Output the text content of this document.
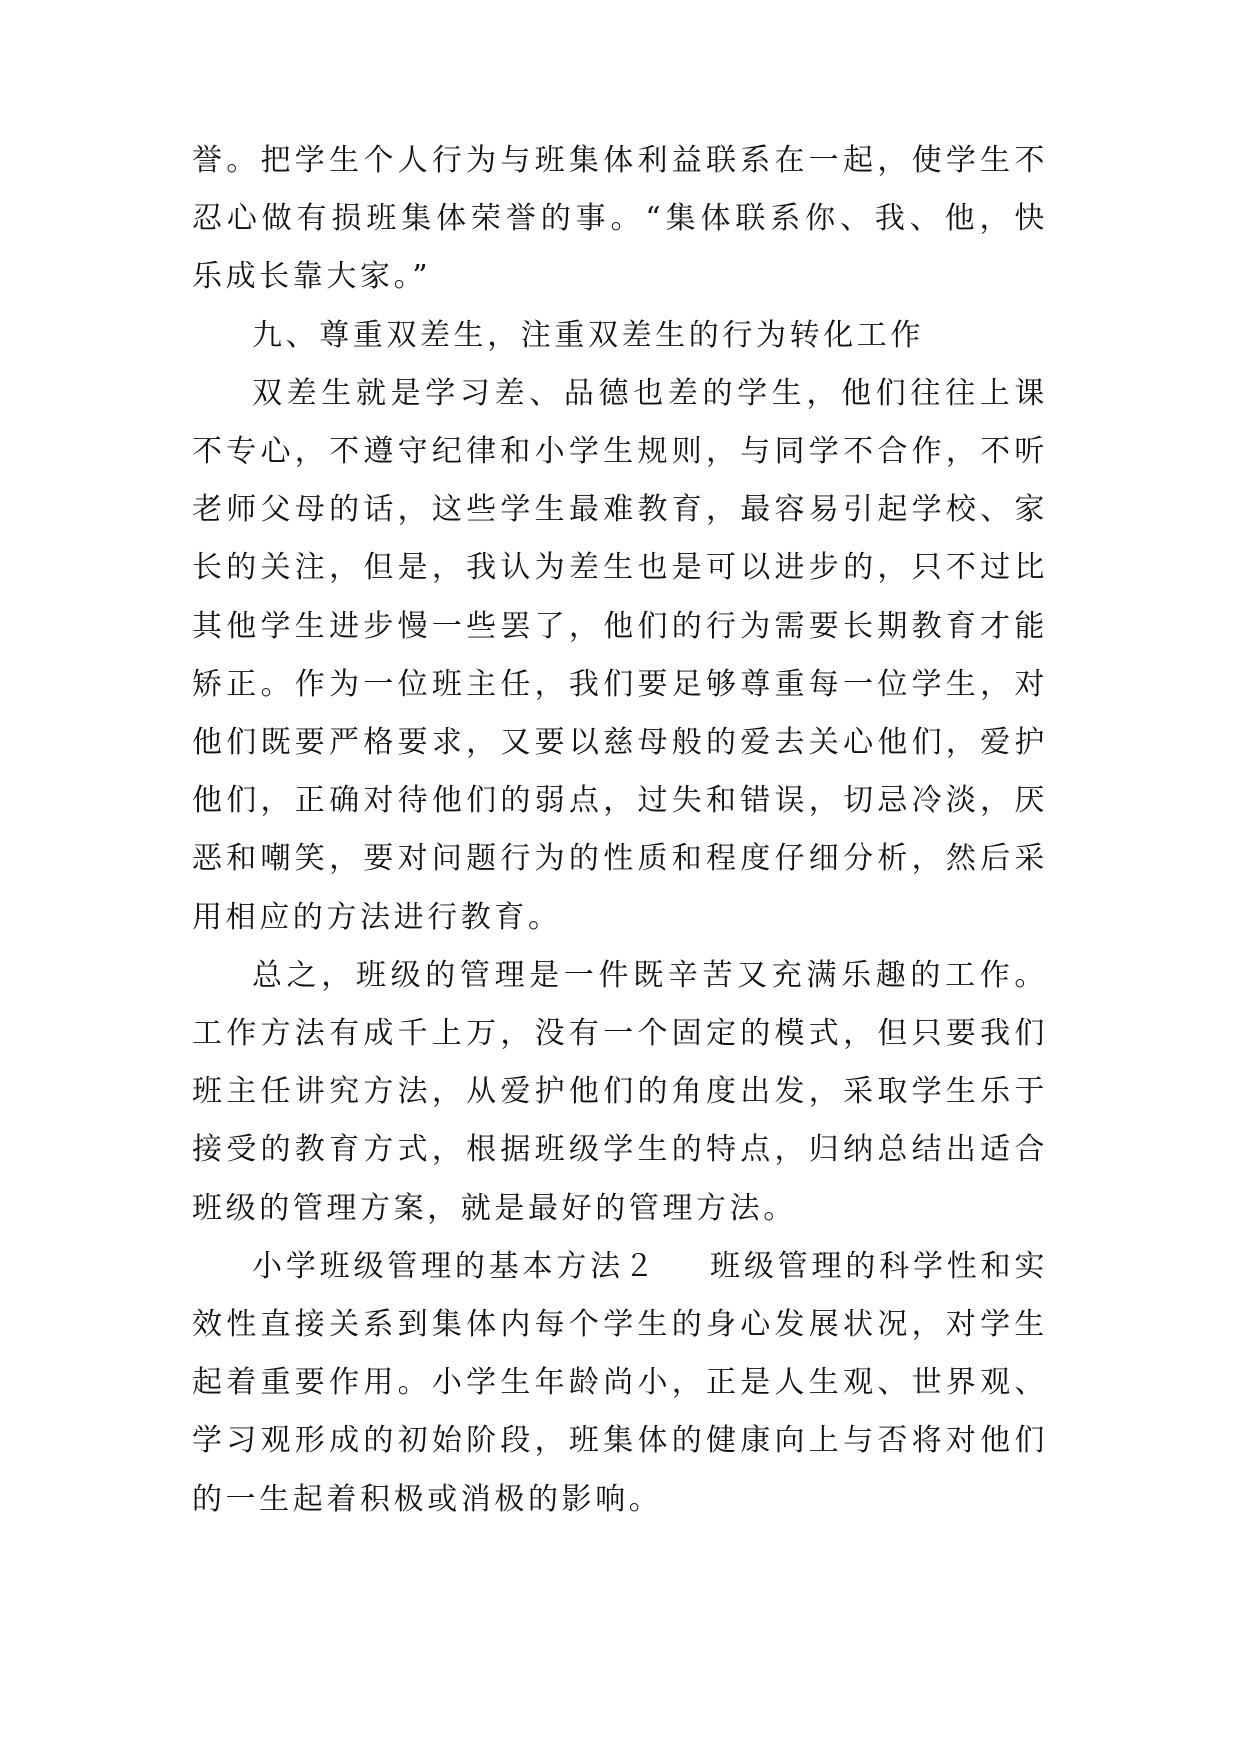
誉。把学生个人行为与班集体利益联系在一起，使学生不忍心做有损班集体荣誉的事。“集体联系你、我、他，快乐成长靠大家。”

九、尊重双差生，注重双差生的行为转化工作

双差生就是学习差、品德也差的学生，他们往往上课不专心，不遵守纪律和小学生规则，与同学不合作，不听老师父母的话，这些学生最难教育，最容易引起学校、家长的关注，但是，我认为差生也是可以进步的，只不过比其他学生进步慢一些罢了，他们的行为需要长期教育才能矫正。作为一位班主任，我们要足够尊重每一位学生，对他们既要严格要求，又要以慈母般的爱去关心他们，爱护他们，正确对待他们的弱点，过失和错误，切忌冷淡，厌恶和嘲笑，要对问题行为的性质和程度仔细分析，然后采用相应的方法进行教育。

总之，班级的管理是一件既辛苦又充满乐趣的工作。工作方法有成千上万，没有一个固定的模式，但只要我们班主任讲究方法，从爱护他们的角度出发，采取学生乐于接受的教育方式，根据班级学生的特点，归纳总结出适合班级的管理方案，就是最好的管理方法。

小学班级管理的基本方法２ 班级管理的科学性和实效性直接关系到集体内每个学生的身心发展状况，对学生起着重要作用。小学生年龄尚小，正是人生观、世界观、学习观形成的初始阶段，班集体的健康向上与否将对他们的一生起着积极或消极的影响。
